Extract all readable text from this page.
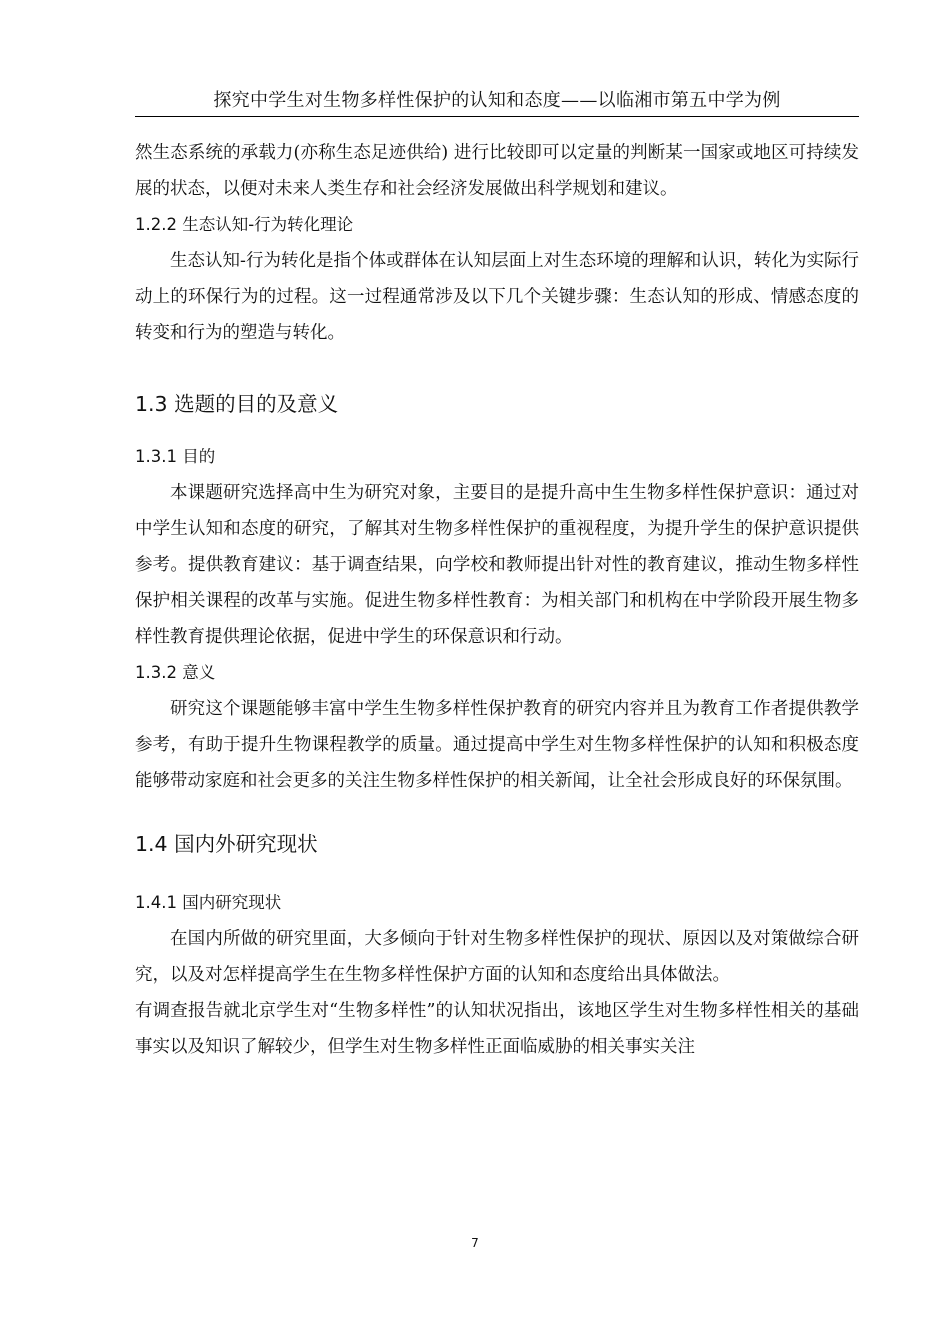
探究中学生对生物多样性保护的认知和态度——以临湘市第五中学为例

然生态系统的承载力(亦称生态足迹供给) 进行比较即可以定量的判断某一国家或地区可持续发展的状态，以便对未来人类生存和社会经济发展做出科学规划和建议。

1.2.2 生态认知-行为转化理论

生态认知-行为转化是指个体或群体在认知层面上对生态环境的理解和认识，转化为实际行动上的环保行为的过程。这一过程通常涉及以下几个关键步骤：生态认知的形成、情感态度的转变和行为的塑造与转化。

1.3 选题的目的及意义
1.3.1 目的

本课题研究选择高中生为研究对象，主要目的是提升高中生生物多样性保护意识：通过对中学生认知和态度的研究，了解其对生物多样性保护的重视程度，为提升学生的保护意识提供参考。提供教育建议：基于调查结果，向学校和教师提出针对性的教育建议，推动生物多样性保护相关课程的改革与实施。促进生物多样性教育：为相关部门和机构在中学阶段开展生物多样性教育提供理论依据，促进中学生的环保意识和行动。

1.3.2 意义

研究这个课题能够丰富中学生生物多样性保护教育的研究内容并且为教育工作者提供教学参考，有助于提升生物课程教学的质量。通过提高中学生对生物多样性保护的认知和积极态度能够带动家庭和社会更多的关注生物多样性保护的相关新闻，让全社会形成良好的环保氛围。

1.4 国内外研究现状
1.4.1 国内研究现状

在国内所做的研究里面，大多倾向于针对生物多样性保护的现状、原因以及对策做综合研究，以及对怎样提高学生在生物多样性保护方面的认知和态度给出具体做法。

有调查报告就北京学生对“生物多样性”的认知状况指出，该地区学生对生物多样性相关的基础事实以及知识了解较少，但学生对生物多样性正面临威胁的相关事实关注

7
